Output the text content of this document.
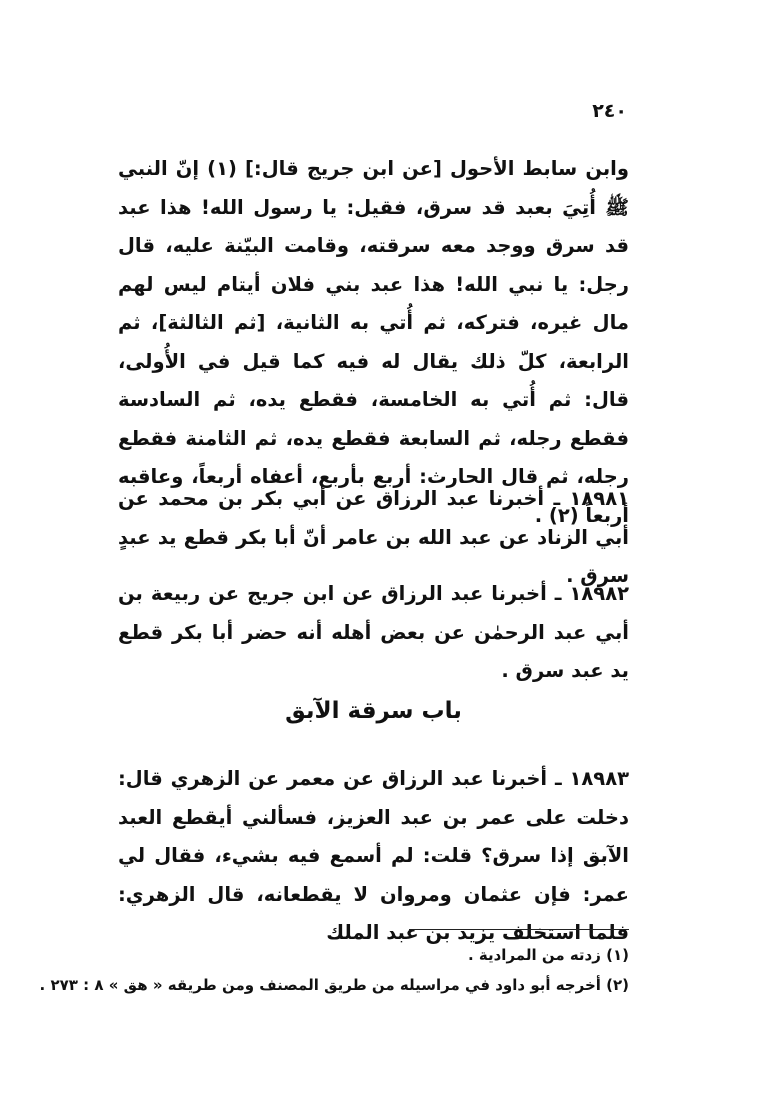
٢٤٠
وابن سابط الأحول [عن ابن جريج قال:] (١) إنّ النبي ﷺ أُتِيَ بعبد قد سرق، فقيل: يا رسول الله! هذا عبد قد سرق ووجد معه سرقته، وقامت البيّنة عليه، قال رجل: يا نبي الله! هذا عبد بني فلان أيتام ليس لهم مال غيره، فتركه، ثم أُتي به الثانية، [ثم الثالثة]، ثم الرابعة، كلّ ذلك يقال له فيه كما قيل في الأُولى، قال: ثم أُتي به الخامسة، فقطع يده، ثم السادسة فقطع رجله، ثم السابعة فقطع يده، ثم الثامنة فقطع رجله، ثم قال الحارث: أربع بأربع، أعفاه أربعاً، وعاقبه أربعاً (٢) .
١٨٩٨١ ـ أخبرنا عبد الرزاق عن أبي بكر بن محمد عن أبي الزناد عن عبد الله بن عامر أنّ أبا بكر قطع يد عبدٍ سرق .
١٨٩٨٢ ـ أخبرنا عبد الرزاق عن ابن جريج عن ربيعة بن أبي عبد الرحمٰن عن بعض أهله أنه حضر أبا بكر قطع يد عبد سرق .
باب سرقة الآبق
١٨٩٨٣ ـ أخبرنا عبد الرزاق عن معمر عن الزهري قال: دخلت على عمر بن عبد العزيز، فسألني أيقطع العبد الآبق إذا سرق؟ قلت: لم أسمع فيه بشيء، فقال لي عمر: فإن عثمان ومروان لا يقطعانه، قال الزهري: فلما استخلف يزيد بن عبد الملك
(١) زدته من المرادية .
(٢) أخرجه أبو داود في مراسيله من طريق المصنف ومن طريقه « هق » ٨ : ٢٧٣ .
